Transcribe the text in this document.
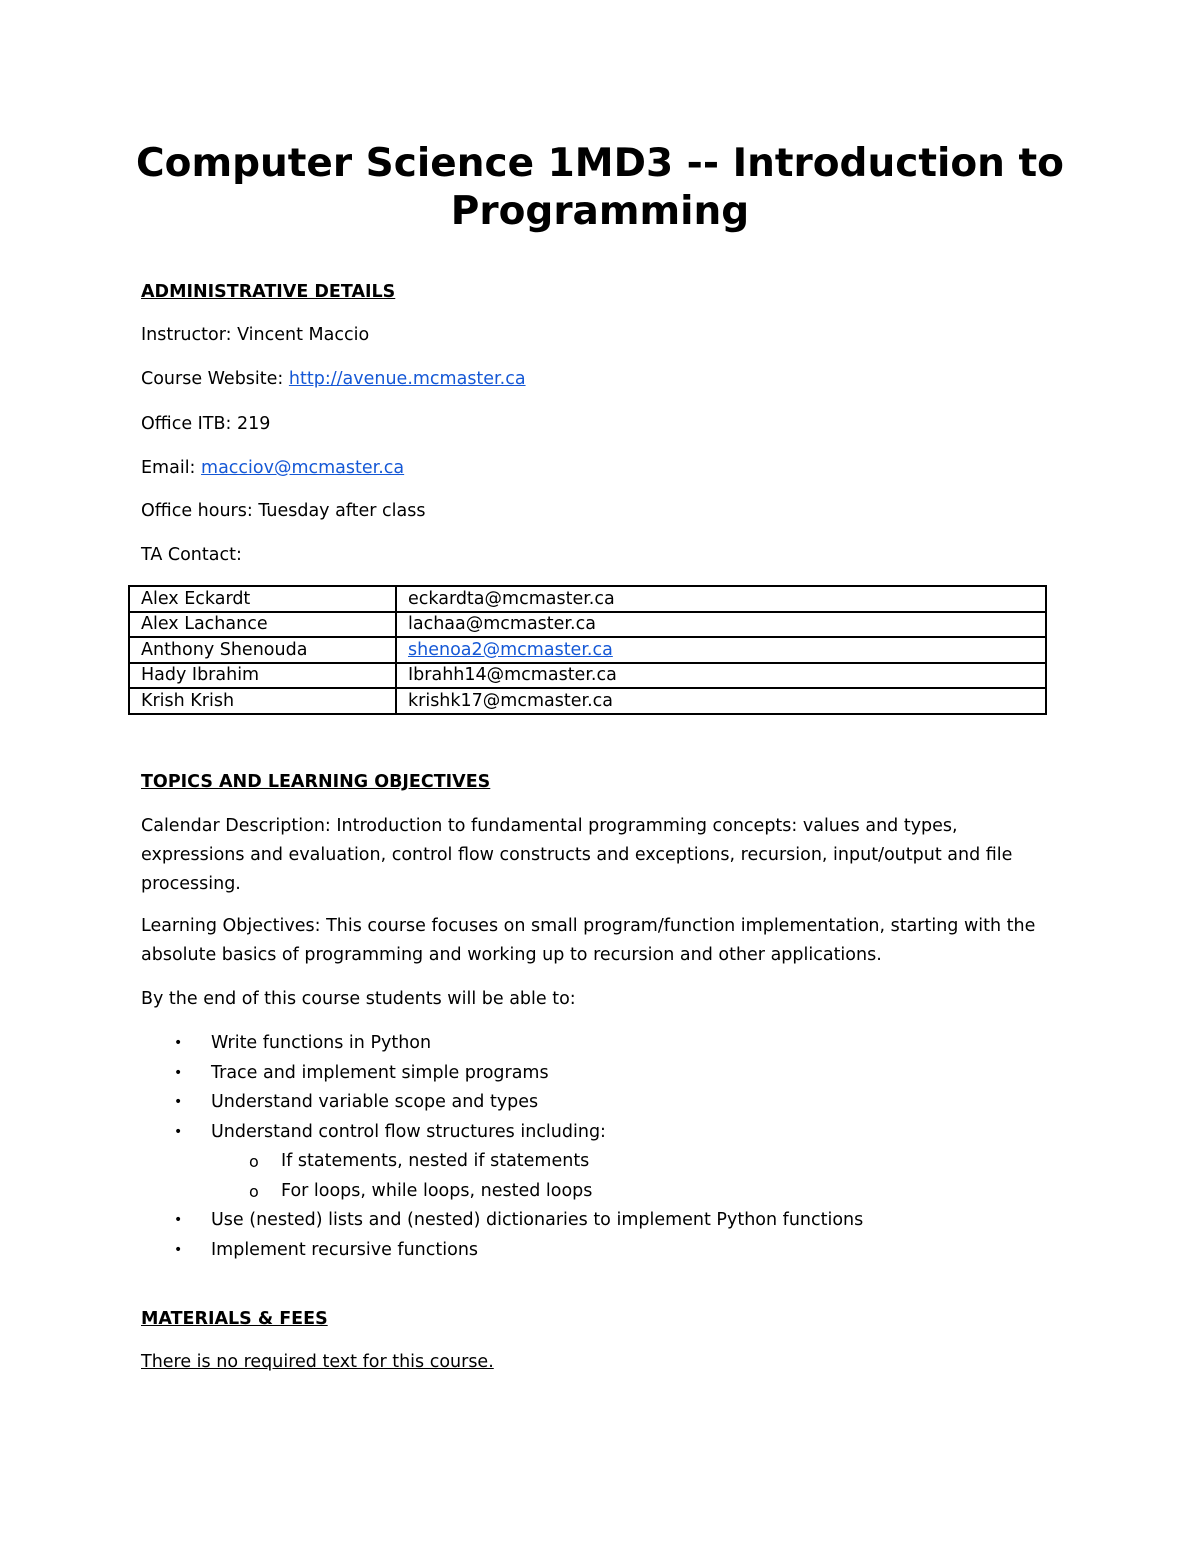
Computer Science 1MD3 -- Introduction to Programming
ADMINISTRATIVE DETAILS
Instructor: Vincent Maccio
Course Website: http://avenue.mcmaster.ca
Office ITB: 219
Email: macciov@mcmaster.ca
Office hours: Tuesday after class
TA Contact:
Alex Eckardt	eckardta@mcmaster.ca
Alex Lachance	lachaa@mcmaster.ca
Anthony Shenouda	shenoa2@mcmaster.ca
Hady Ibrahim	Ibrahh14@mcmaster.ca
Krish Krish	krishk17@mcmaster.ca
TOPICS AND LEARNING OBJECTIVES
Calendar Description: Introduction to fundamental programming concepts: values and types, expressions and evaluation, control flow constructs and exceptions, recursion, input/output and file processing.
Learning Objectives: This course focuses on small program/function implementation, starting with the absolute basics of programming and working up to recursion and other applications.
By the end of this course students will be able to:
• Write functions in Python
• Trace and implement simple programs
• Understand variable scope and types
• Understand control flow structures including:
o If statements, nested if statements
o For loops, while loops, nested loops
• Use (nested) lists and (nested) dictionaries to implement Python functions
• Implement recursive functions
MATERIALS & FEES
There is no required text for this course.
